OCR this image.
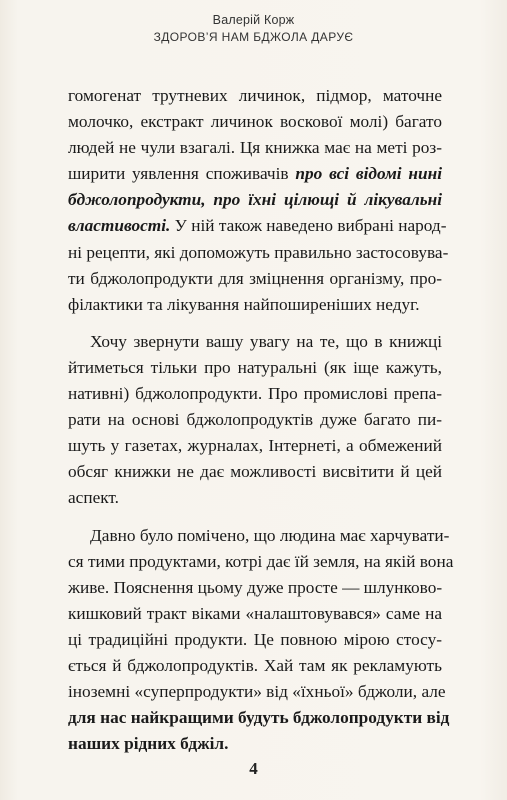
Валерій Корж
ЗДОРОВ’Я НАМ БДЖОЛА ДАРУЄ
гомогенат трутневих личинок, підмор, маточне
молочко, екстракт личинок воскової молі) багато
людей не чули взагалі. Ця книжка має на меті роз-
ширити уявлення споживачів про всі відомі нині
бджолопродукти, про їхні цілющі й лікувальні
властивості. У ній також наведено вибрані народ-
ні рецепти, які допоможуть правильно застосовува-
ти бджолопродукти для зміцнення організму, про-
філактики та лікування найпоширеніших недуг.
Хочу звернути вашу увагу на те, що в книжці
йтиметься тільки про натуральні (як іще кажуть,
нативні) бджолопродукти. Про промислові препа-
рати на основі бджолопродуктів дуже багато пи-
шуть у газетах, журналах, Інтернеті, а обмежений
обсяг книжки не дає можливості висвітити й цей
аспект.
Давно було помічено, що людина має харчувати-
ся тими продуктами, котрі дає їй земля, на якій вона
живе. Пояснення цьому дуже просте — шлунково-
кишковий тракт віками «налаштовувався» саме на
ці традиційні продукти. Це повною мірою стосу-
ється й бджолопродуктів. Хай там як рекламують
іноземні «суперпродукти» від «їхньої» бджоли, але
для нас найкращими будуть бджолопродукти від
наших рідних бджіл.
4
